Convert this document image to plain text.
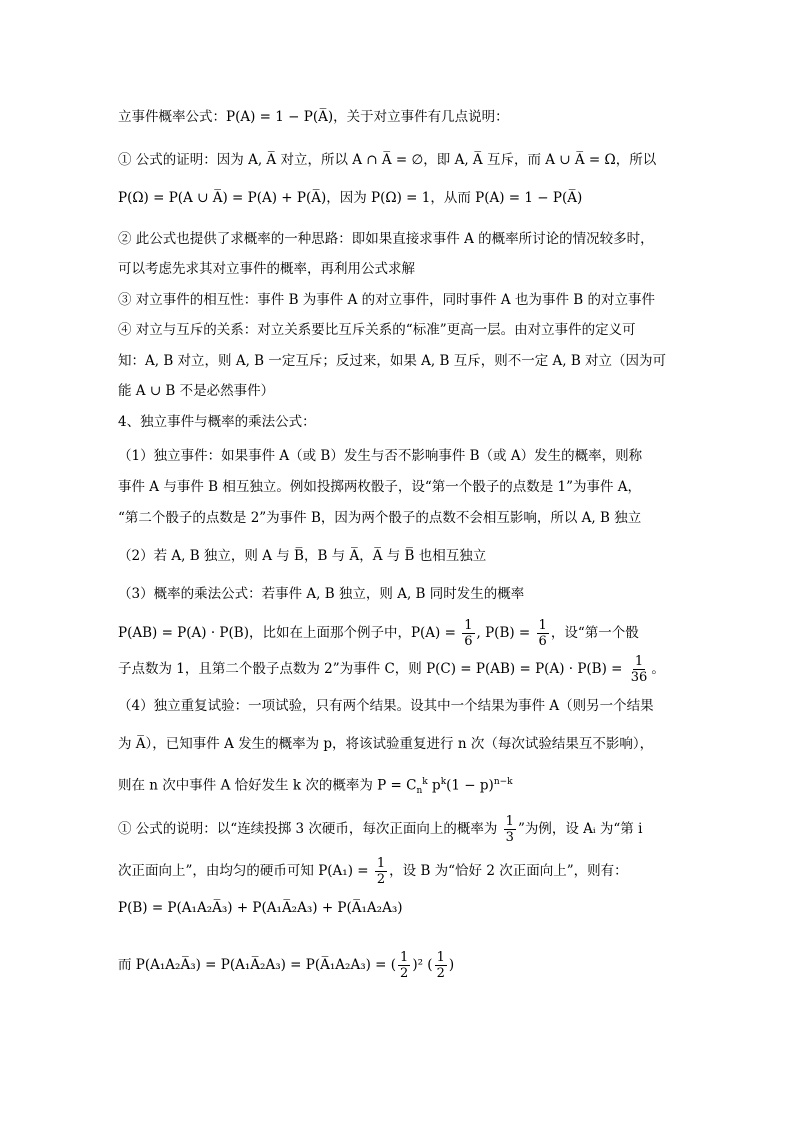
立事件概率公式：P(A) = 1 − P(A̅)，关于对立事件有几点说明：
① 公式的证明：因为 A, A̅ 对立，所以 A ∩ A̅ = ∅，即 A, A̅ 互斥，而 A ∪ A̅ = Ω，所以
P(Ω) = P(A ∪ A̅) = P(A) + P(A̅)，因为 P(Ω) = 1，从而 P(A) = 1 − P(A̅)
② 此公式也提供了求概率的一种思路：即如果直接求事件 A 的概率所讨论的情况较多时，
可以考虑先求其对立事件的概率，再利用公式求解
③ 对立事件的相互性：事件 B 为事件 A 的对立事件，同时事件 A 也为事件 B 的对立事件
④ 对立与互斥的关系：对立关系要比互斥关系的“标准”更高一层。由对立事件的定义可
知：A, B 对立，则 A, B 一定互斥；反过来，如果 A, B 互斥，则不一定 A, B 对立（因为可
能 A ∪ B 不是必然事件）
4、独立事件与概率的乘法公式：
（1）独立事件：如果事件 A（或 B）发生与否不影响事件 B（或 A）发生的概率，则称
事件 A 与事件 B 相互独立。例如投掷两枚骰子，设“第一个骰子的点数是 1”为事件 A，
“第二个骰子的点数是 2”为事件 B，因为两个骰子的点数不会相互影响，所以 A, B 独立
（2）若 A, B 独立，则 A 与 B̅，B 与 A̅，A̅ 与 B̅ 也相互独立
（3）概率的乘法公式：若事件 A, B 独立，则 A, B 同时发生的概率
P(AB) = P(A) · P(B)，比如在上面那个例子中，$P(A) = \frac{1}{6}$ , $P(B) = \frac{1}{6}$ ，设“第一个骰
子点数为 1，且第二个骰子点数为 2”为事件 C，则 $P(C) = P(AB) = P(A) \cdot P(B) = \frac{1}{36}$ 。
（4）独立重复试验：一项试验，只有两个结果。设其中一个结果为事件 A（则另一个结果
为 A̅），已知事件 A 发生的概率为 p，将该试验重复进行 n 次（每次试验结果互不影响），
则在 n 次中事件 A 恰好发生 k 次的概率为 $P = C_n^k$ $p^k(1 - p)^{n-k}$
① 公式的说明：以“连续投掷 3 次硬币，每次正面向上的概率为 $\frac{1}{3}$ ”为例，设 Aᵢ 为“第 i
次正面向上”，由均匀的硬币可知 $P(A_1) = \frac{1}{2}$ ，设 B 为“恰好 2 次正面向上”，则有：
P(B) = P(A₁A₂A̅₃) + P(A₁A̅₂A₃) + P(A̅₁A₂A₃)
而 P(A₁A₂A̅₃) = P(A₁A̅₂A₃) = P(A̅₁A₂A₃) = ( $\frac{1}{2} )^2$ ( $\frac{1}{2}$ )
